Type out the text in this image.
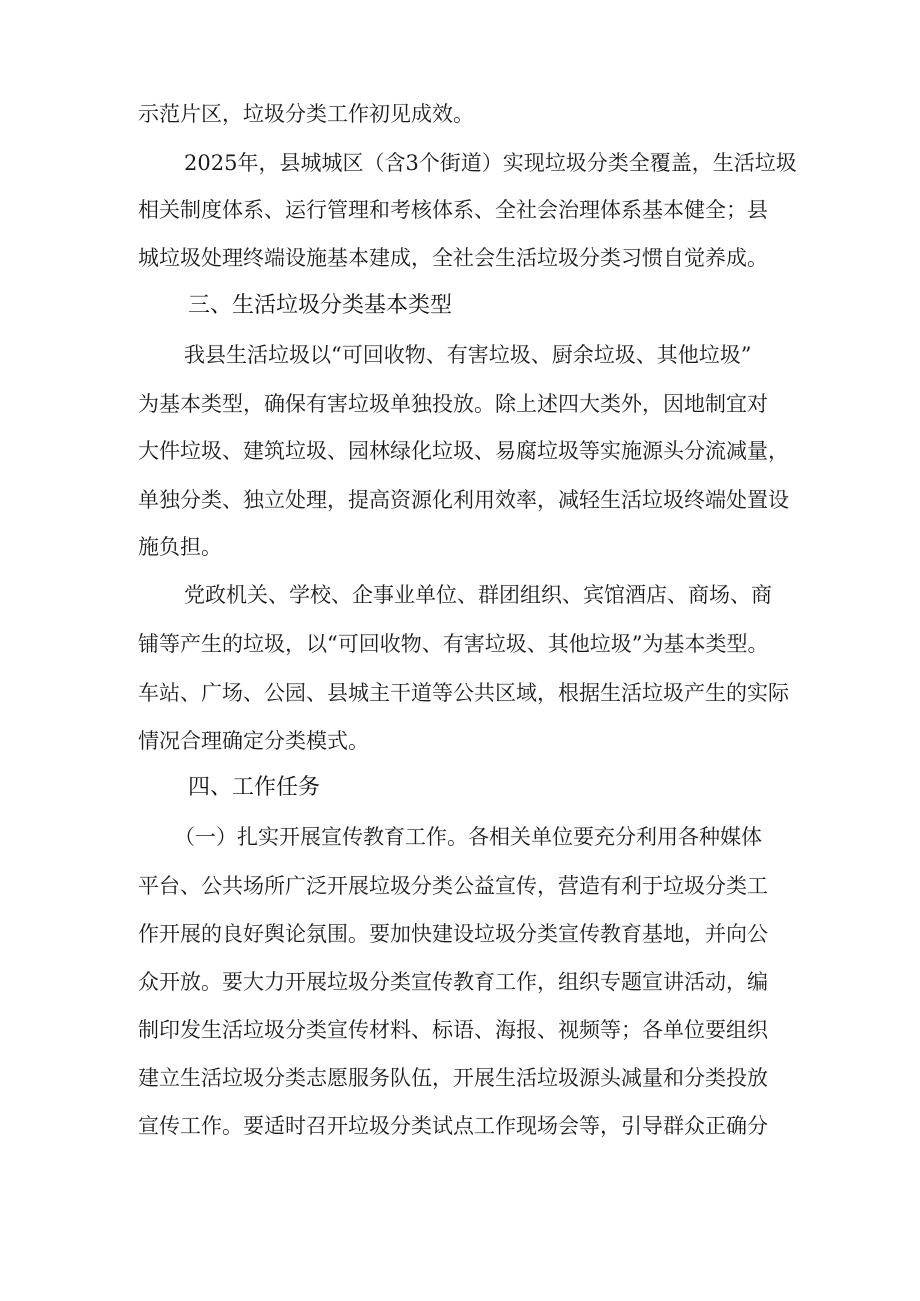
示范片区，垃圾分类工作初见成效。
2025年，县城城区（含3个街道）实现垃圾分类全覆盖，生活垃圾
相关制度体系、运行管理和考核体系、全社会治理体系基本健全；县
城垃圾处理终端设施基本建成，全社会生活垃圾分类习惯自觉养成。
三、生活垃圾分类基本类型
我县生活垃圾以“可回收物、有害垃圾、厨余垃圾、其他垃圾”
为基本类型，确保有害垃圾单独投放。除上述四大类外，因地制宜对
大件垃圾、建筑垃圾、园林绿化垃圾、易腐垃圾等实施源头分流减量，
单独分类、独立处理，提高资源化利用效率，减轻生活垃圾终端处置设
施负担。
党政机关、学校、企事业单位、群团组织、宾馆酒店、商场、商
铺等产生的垃圾，以“可回收物、有害垃圾、其他垃圾”为基本类型。
车站、广场、公园、县城主干道等公共区域，根据生活垃圾产生的实际
情况合理确定分类模式。
四、工作任务
（一）扎实开展宣传教育工作。各相关单位要充分利用各种媒体
平台、公共场所广泛开展垃圾分类公益宣传，营造有利于垃圾分类工
作开展的良好舆论氛围。要加快建设垃圾分类宣传教育基地，并向公
众开放。要大力开展垃圾分类宣传教育工作，组织专题宣讲活动，编
制印发生活垃圾分类宣传材料、标语、海报、视频等；各单位要组织
建立生活垃圾分类志愿服务队伍，开展生活垃圾源头减量和分类投放
宣传工作。要适时召开垃圾分类试点工作现场会等，引导群众正确分
